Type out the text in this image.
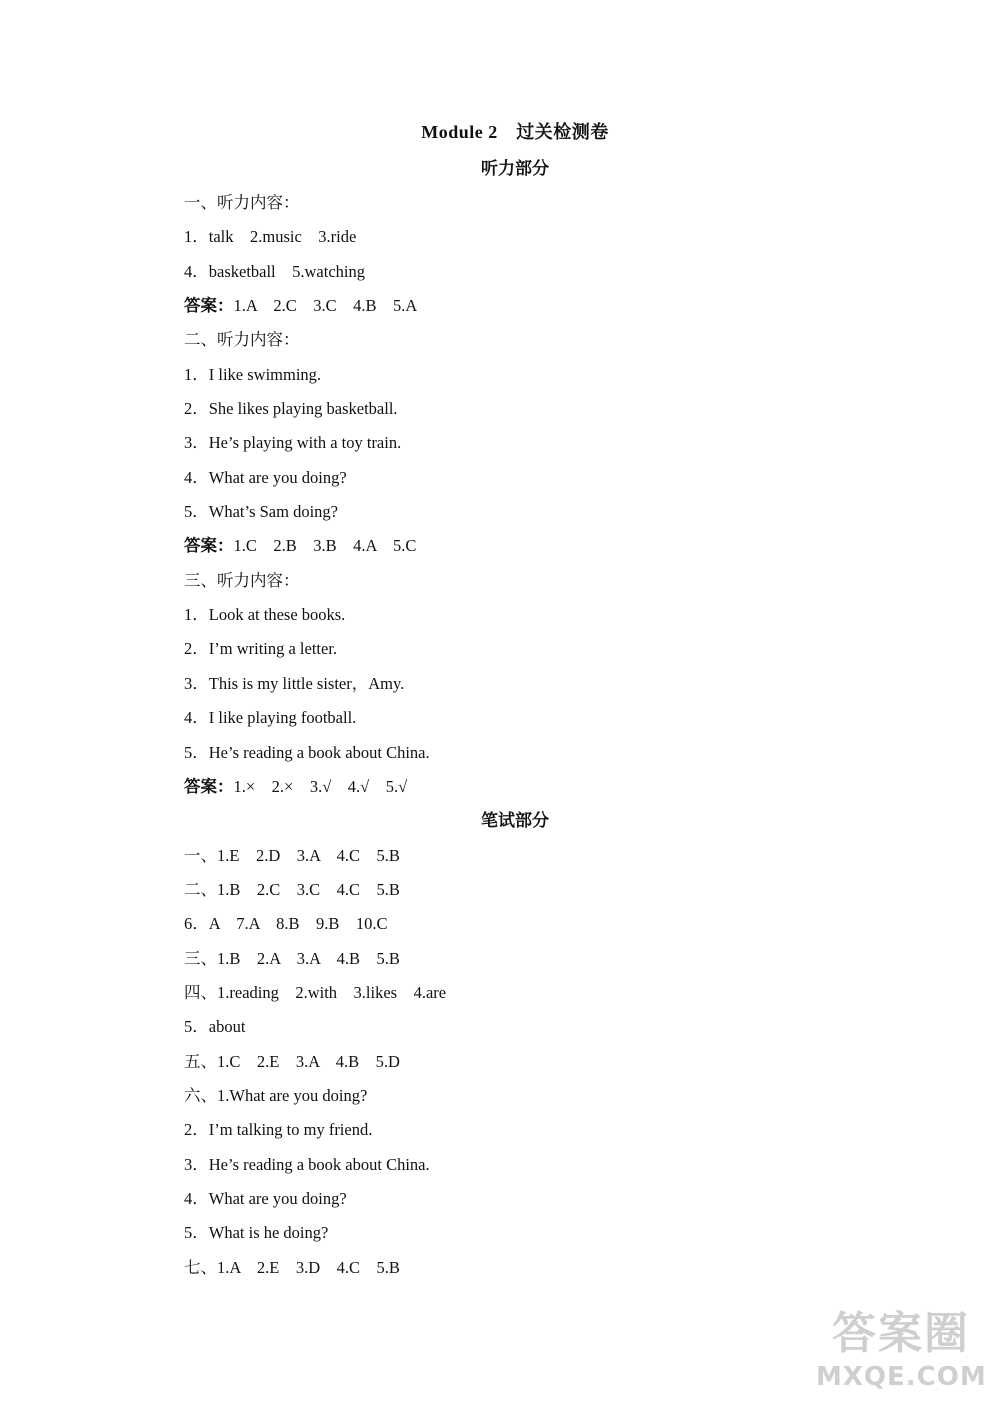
Module 2　过关检测卷
听力部分
一、听力内容：
1．talk　2.music　3.ride
4．basketball　5.watching
答案：1.A　2.C　3.C　4.B　5.A
二、听力内容：
1．I like swimming.
2．She likes playing basketball.
3．He’s playing with a toy train.
4．What are you doing?
5．What’s Sam doing?
答案：1.C　2.B　3.B　4.A　5.C
三、听力内容：
1．Look at these books.
2．I’m writing a letter.
3．This is my little sister，Amy.
4．I like playing football.
5．He’s reading a book about China.
答案：1.×　2.×　3.√　4.√　5.√
笔试部分
一、1.E　2.D　3.A　4.C　5.B
二、1.B　2.C　3.C　4.C　5.B
6．A　7.A　8.B　9.B　10.C
三、1.B　2.A　3.A　4.B　5.B
四、1.reading　2.with　3.likes　4.are
5．about
五、1.C　2.E　3.A　4.B　5.D
六、1.What are you doing?
2．I’m talking to my friend.
3．He’s reading a book about China.
4．What are you doing?
5．What is he doing?
七、1.A　2.E　3.D　4.C　5.B
答案圈
MXQE.COM
